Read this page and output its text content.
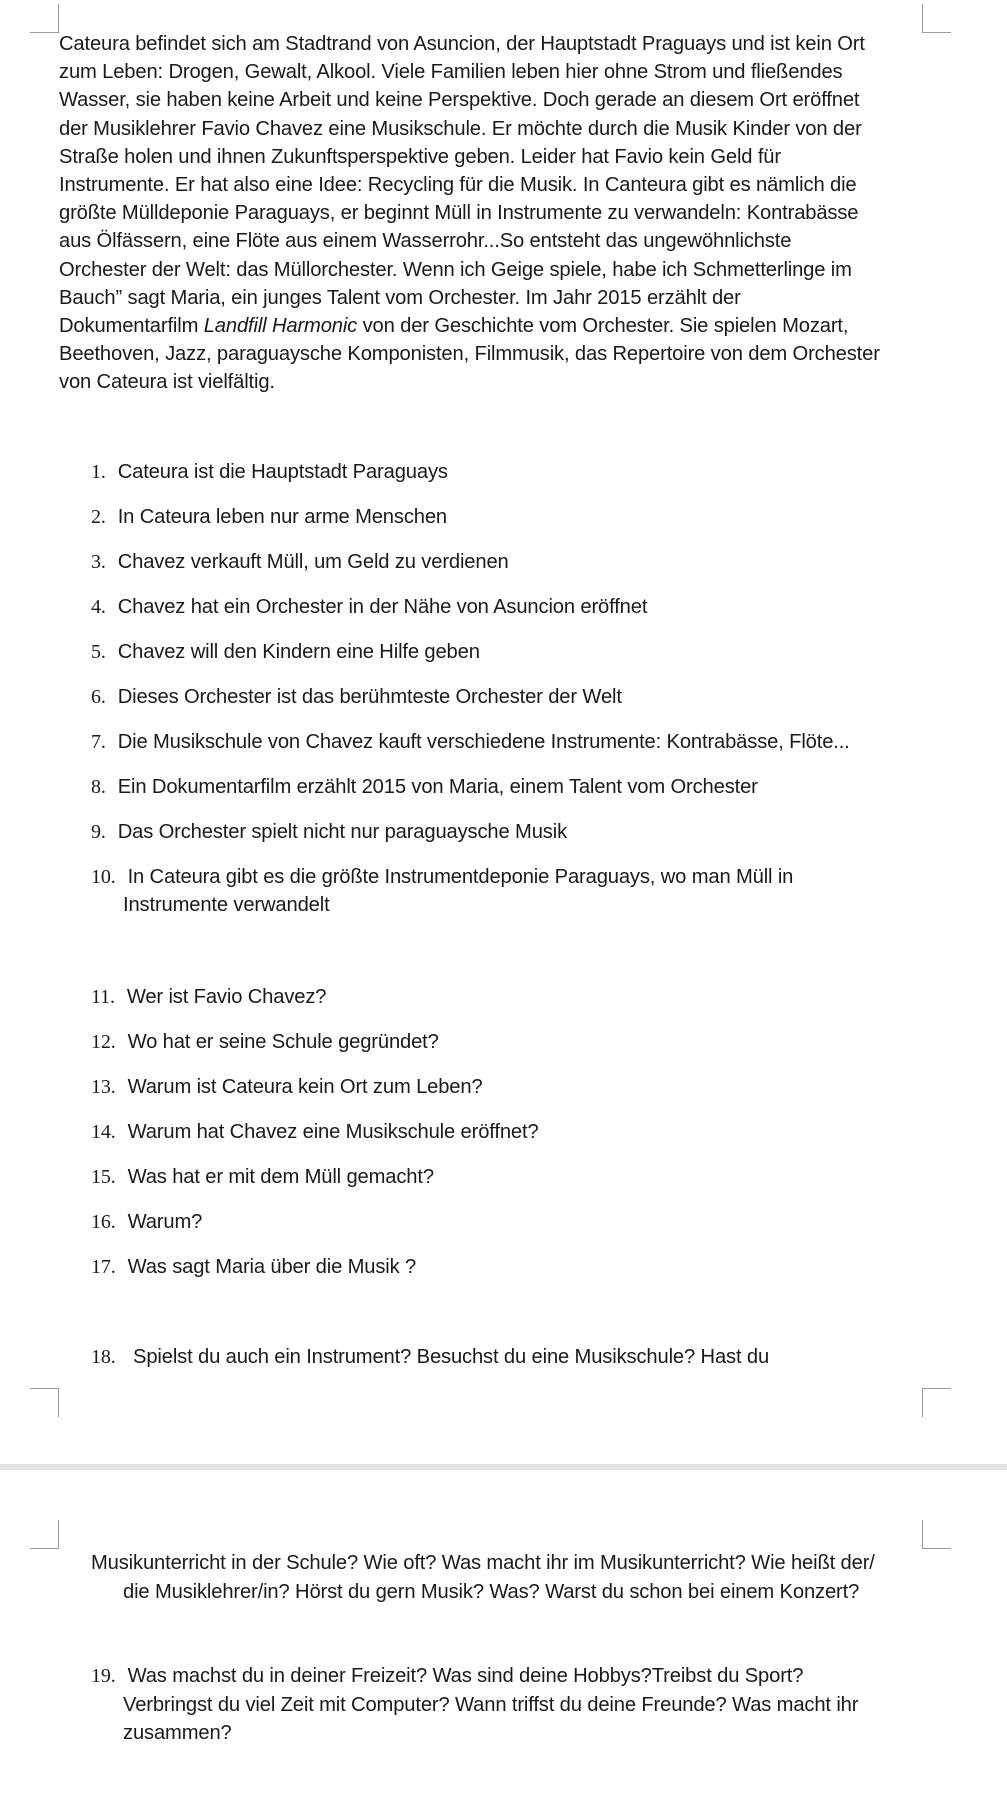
Cateura befindet sich am Stadtrand von Asuncion, der Hauptstadt Praguays und ist kein Ort

zum Leben: Drogen, Gewalt, Alkool. Viele Familien leben hier ohne Strom und fließendes

Wasser, sie haben keine Arbeit und keine Perspektive. Doch gerade an diesem Ort eröffnet

der Musiklehrer Favio Chavez eine Musikschule. Er möchte durch die Musik Kinder von der

Straße holen und ihnen Zukunftsperspektive geben. Leider hat Favio kein Geld für

Instrumente. Er hat also eine Idee: Recycling für die Musik. In Canteura gibt es nämlich die

größte Mülldeponie Paraguays, er beginnt Müll in Instrumente zu verwandeln: Kontrabässe

aus Ölfässern, eine Flöte aus einem Wasserrohr...So entsteht das ungewöhnlichste

Orchester der Welt: das Müllorchester. Wenn ich Geige spiele, habe ich Schmetterlinge im

Bauch” sagt Maria, ein junges Talent vom Orchester. Im Jahr 2015 erzählt der

Dokumentarfilm Landfill Harmonic von der Geschichte vom Orchester. Sie spielen Mozart,

Beethoven, Jazz, paraguaysche Komponisten, Filmmusik, das Repertoire von dem Orchester

von Cateura ist vielfältig.

1. Cateura ist die Hauptstadt Paraguays
2. In Cateura leben nur arme Menschen
3. Chavez verkauft Müll, um Geld zu verdienen
4. Chavez hat ein Orchester in der Nähe von Asuncion eröffnet
5. Chavez will den Kindern eine Hilfe geben
6. Dieses Orchester ist das berühmteste Orchester der Welt
7. Die Musikschule von Chavez kauft verschiedene Instrumente: Kontrabässe, Flöte...
8. Ein Dokumentarfilm erzählt 2015 von Maria, einem Talent vom Orchester
9. Das Orchester spielt nicht nur paraguaysche Musik
10. In Cateura gibt es die größte Instrumentdeponie Paraguays, wo man Müll in
Instrumente verwandelt
11. Wer ist Favio Chavez?
12. Wo hat er seine Schule gegründet?
13. Warum ist Cateura kein Ort zum Leben?
14. Warum hat Chavez eine Musikschule eröffnet?
15. Was hat er mit dem Müll gemacht?
16. Warum?
17. Was sagt Maria über die Musik ?
18. Spielst du auch ein Instrument? Besuchst du eine Musikschule? Hast du
Musikunterricht in der Schule? Wie oft? Was macht ihr im Musikunterricht? Wie heißt der/
die Musiklehrer/in? Hörst du gern Musik? Was? Warst du schon bei einem Konzert?
19. Was machst du in deiner Freizeit? Was sind deine Hobbys?Treibst du Sport?
Verbringst du viel Zeit mit Computer? Wann triffst du deine Freunde? Was macht ihr
zusammen?
